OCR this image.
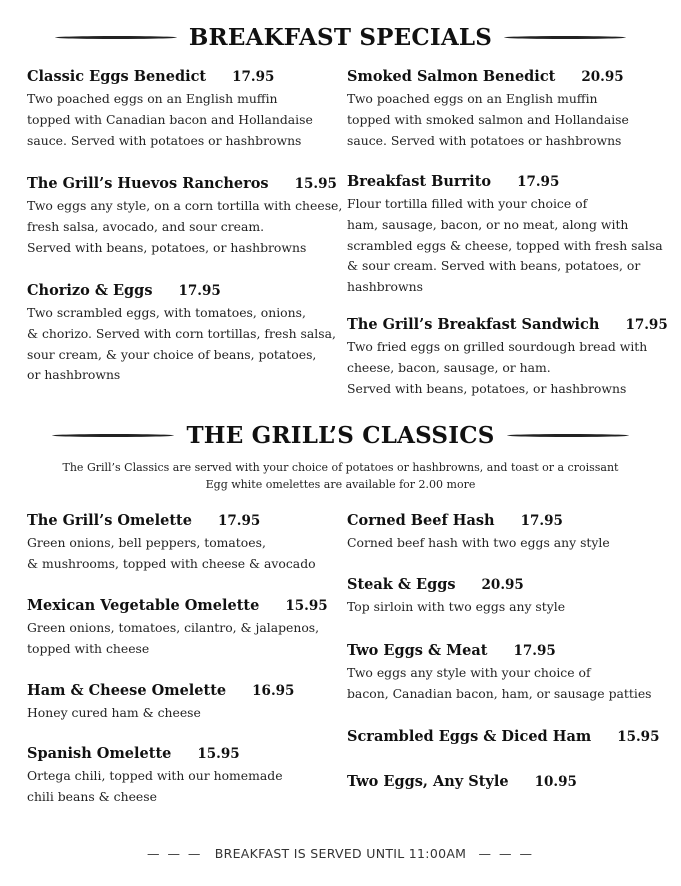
BREAKFAST SPECIALS
Classic Eggs Benedict 17.95
Two poached eggs on an English muffin
topped with Canadian bacon and Hollandaise
sauce. Served with potatoes or hashbrowns
The Grill’s Huevos Rancheros 15.95
Two eggs any style, on a corn tortilla with cheese,
fresh salsa, avocado, and sour cream.
Served with beans, potatoes, or hashbrowns
Chorizo & Eggs 17.95
Two scrambled eggs, with tomatoes, onions,
& chorizo. Served with corn tortillas, fresh salsa,
sour cream, & your choice of beans, potatoes,
or hashbrowns
Smoked Salmon Benedict 20.95
Two poached eggs on an English muffin
topped with smoked salmon and Hollandaise
sauce. Served with potatoes or hashbrowns
Breakfast Burrito 17.95
Flour tortilla filled with your choice of
ham, sausage, bacon, or no meat, along with
scrambled eggs & cheese, topped with fresh salsa
& sour cream. Served with beans, potatoes, or
hashbrowns
The Grill’s Breakfast Sandwich 17.95
Two fried eggs on grilled sourdough bread with
cheese, bacon, sausage, or ham.
Served with beans, potatoes, or hashbrowns
THE GRILL’S CLASSICS
The Grill’s Classics are served with your choice of potatoes or hashbrowns, and toast or a croissant
Egg white omelettes are available for 2.00 more
The Grill’s Omelette 17.95
Green onions, bell peppers, tomatoes,
& mushrooms, topped with cheese & avocado
Mexican Vegetable Omelette 15.95
Green onions, tomatoes, cilantro, & jalapenos,
topped with cheese
Ham & Cheese Omelette 16.95
Honey cured ham & cheese
Spanish Omelette 15.95
Ortega chili, topped with our homemade
chili beans & cheese
Corned Beef Hash 17.95
Corned beef hash with two eggs any style
Steak & Eggs 20.95
Top sirloin with two eggs any style
Two Eggs & Meat 17.95
Two eggs any style with your choice of
bacon, Canadian bacon, ham, or sausage patties
Scrambled Eggs & Diced Ham 15.95
Two Eggs, Any Style 10.95
— — — BREAKFAST IS SERVED UNTIL 11:00AM — — —
